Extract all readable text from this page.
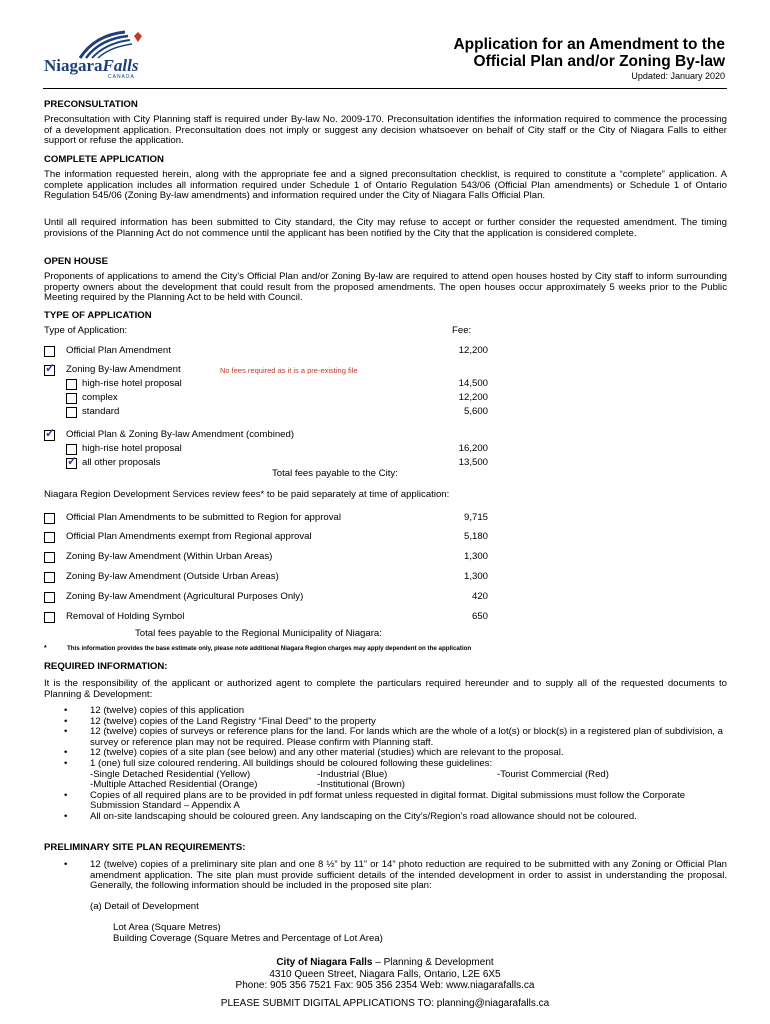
NiagaraFalls
CANADA
Application for an Amendment to the
Official Plan and/or Zoning By-law
Updated: January 2020
PRECONSULTATION
Preconsultation with City Planning staff is required under By-law No. 2009-170. Preconsultation identifies the information required to commence the processing of a development application. Preconsultation does not imply or suggest any decision whatsoever on behalf of City staff or the City of Niagara Falls to either support or refuse the application.
COMPLETE APPLICATION
The information requested herein, along with the appropriate fee and a signed preconsultation checklist, is required to constitute a “complete” application. A complete application includes all information required under Schedule 1 of Ontario Regulation 543/06 (Official Plan amendments) or Schedule 1 of Ontario Regulation 545/06 (Zoning By-law amendments) and information required under the City of Niagara Falls Official Plan.
Until all required information has been submitted to City standard, the City may refuse to accept or further consider the requested amendment. The timing provisions of the Planning Act do not commence until the applicant has been notified by the City that the application is considered complete.
OPEN HOUSE
Proponents of applications to amend the City’s Official Plan and/or Zoning By-law are required to attend open houses hosted by City staff to inform surrounding property owners about the development that could result from the proposed amendments. The open houses occur approximately 5 weeks prior to the Public Meeting required by the Planning Act to be held with Council.
TYPE OF APPLICATION
Type of Application:	Fee:
Official Plan Amendment	12,200
✓
Zoning By-law Amendment	No fees required as it is a pre-existing file
high-rise hotel proposal	14,500
complex	12,200
standard	5,600
✓
Official Plan & Zoning By-law Amendment (combined)
high-rise hotel proposal	16,200
✓
all other proposals	13,500
Total fees payable to the City:
Niagara Region Development Services review fees* to be paid separately at time of application:
Official Plan Amendments to be submitted to Region for approval	9,715
Official Plan Amendments exempt from Regional approval	5,180
Zoning By-law Amendment (Within Urban Areas)	1,300
Zoning By-law Amendment (Outside Urban Areas)	1,300
Zoning By-law Amendment (Agricultural Purposes Only)	420
Removal of Holding Symbol	650
Total fees payable to the Regional Municipality of Niagara:
*	This information provides the base estimate only, please note additional Niagara Region charges may apply dependent on the application
REQUIRED INFORMATION:
It is the responsibility of the applicant or authorized agent to complete the particulars required hereunder and to supply all of the requested documents to Planning & Development:
• 12 (twelve) copies of this application
• 12 (twelve) copies of the Land Registry “Final Deed” to the property
• 12 (twelve) copies of surveys or reference plans for the land. For lands which are the whole of a lot(s) or block(s) in a registered plan of subdivision, a survey or reference plan may not be required. Please confirm with Planning staff.
• 12 (twelve) copies of a site plan (see below) and any other material (studies) which are relevant to the proposal.
• 1 (one) full size coloured rendering. All buildings should be coloured following these guidelines:
-Single Detached Residential (Yellow)	-Industrial (Blue)	-Tourist Commercial (Red)
-Multiple Attached Residential (Orange)	-Institutional (Brown)
• Copies of all required plans are to be provided in pdf format unless requested in digital format. Digital submissions must follow the Corporate Submission Standard – Appendix A
• All on-site landscaping should be coloured green. Any landscaping on the City’s/Region’s road allowance should not be coloured.
PRELIMINARY SITE PLAN REQUIREMENTS:
• 12 (twelve) copies of a preliminary site plan and one 8 ½” by 11” or 14” photo reduction are required to be submitted with any Zoning or Official Plan amendment application. The site plan must provide sufficient details of the intended development in order to assist in understanding the proposal. Generally, the following information should be included in the proposed site plan:
(a) Detail of Development
Lot Area (Square Metres)
Building Coverage (Square Metres and Percentage of Lot Area)
City of Niagara Falls – Planning & Development
4310 Queen Street, Niagara Falls, Ontario, L2E 6X5
Phone: 905 356 7521 Fax: 905 356 2354 Web: www.niagarafalls.ca
PLEASE SUBMIT DIGITAL APPLICATIONS TO: planning@niagarafalls.ca
